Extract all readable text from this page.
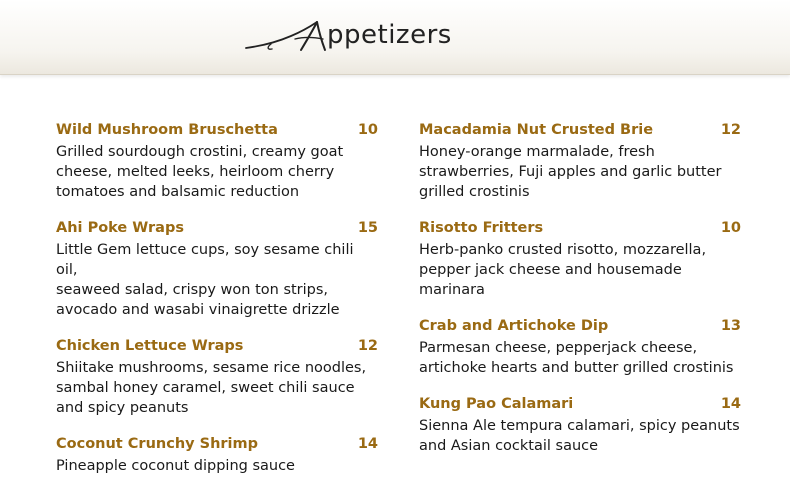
ppetizers
Wild Mushroom Bruschetta	10
Grilled sourdough crostini, creamy goat
cheese, melted leeks, heirloom cherry
tomatoes and balsamic reduction
Ahi Poke Wraps	15
Little Gem lettuce cups, soy sesame chili oil,
seaweed salad, crispy won ton strips,
avocado and wasabi vinaigrette drizzle
Chicken Lettuce Wraps	12
Shiitake mushrooms, sesame rice noodles,
sambal honey caramel, sweet chili sauce
and spicy peanuts
Coconut Crunchy Shrimp	14
Pineapple coconut dipping sauce
Macadamia Nut Crusted Brie	12
Honey-orange marmalade, fresh
strawberries, Fuji apples and garlic butter
grilled crostinis
Risotto Fritters	10
Herb-panko crusted risotto, mozzarella,
pepper jack cheese and housemade
marinara
Crab and Artichoke Dip	13
Parmesan cheese, pepperjack cheese,
artichoke hearts and butter grilled crostinis
Kung Pao Calamari	14
Sienna Ale tempura calamari, spicy peanuts
and Asian cocktail sauce
